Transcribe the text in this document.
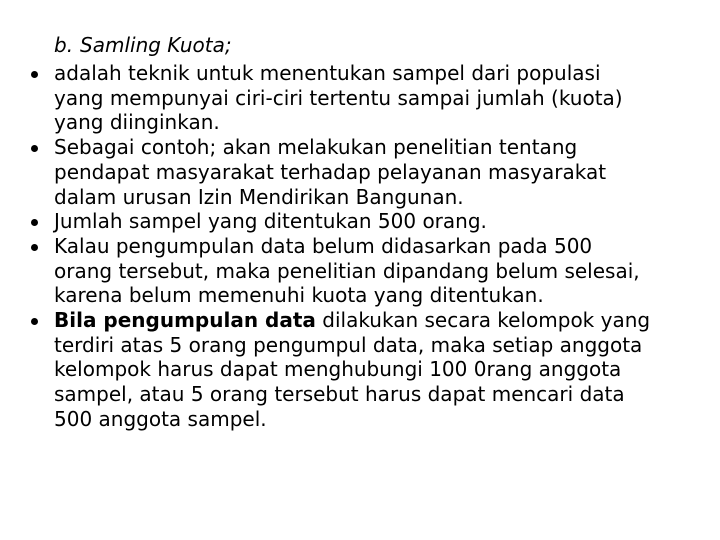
b. Samling Kuota;
adalah teknik untuk menentukan sampel dari populasi
yang mempunyai ciri-ciri tertentu sampai jumlah (kuota)
yang diinginkan.
Sebagai contoh; akan melakukan penelitian tentang
pendapat masyarakat terhadap pelayanan masyarakat
dalam urusan Izin Mendirikan Bangunan.
Jumlah sampel yang ditentukan 500 orang.
Kalau pengumpulan data belum didasarkan pada 500
orang tersebut, maka penelitian dipandang belum selesai,
karena belum memenuhi kuota yang ditentukan.
Bila pengumpulan data dilakukan secara kelompok yang
terdiri atas 5 orang pengumpul data, maka setiap anggota
kelompok harus dapat menghubungi 100 0rang anggota
sampel, atau 5 orang tersebut harus dapat mencari data
500 anggota sampel.
